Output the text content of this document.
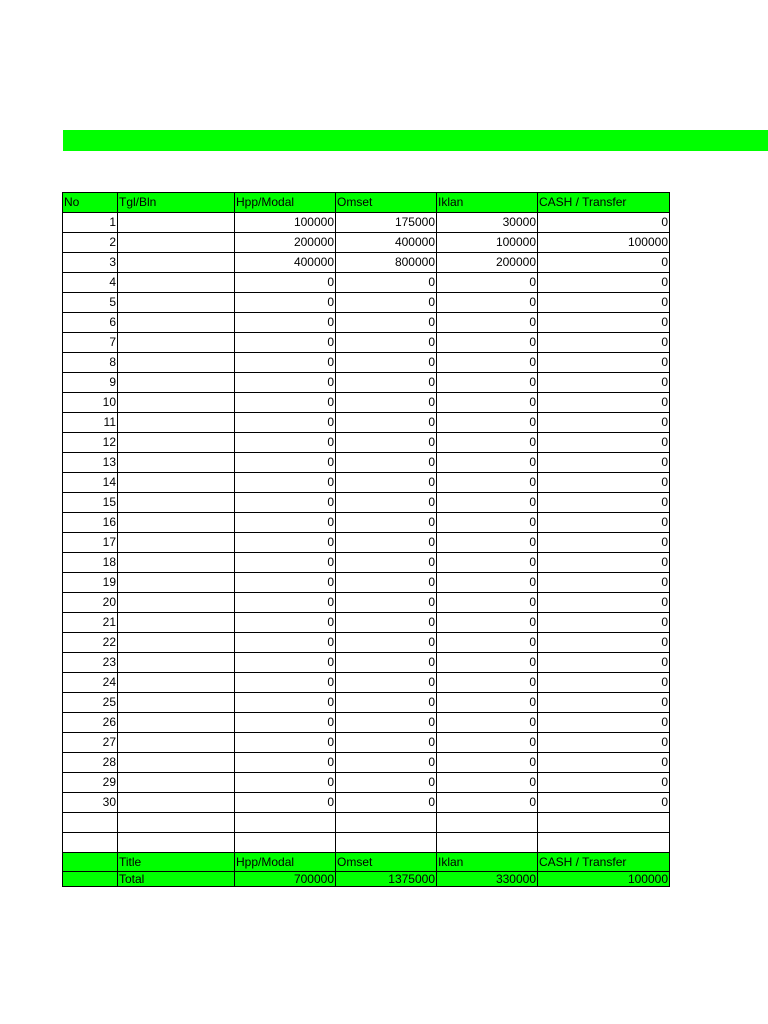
No	Tgl/Bln	Hpp/Modal	Omset	Iklan	CASH / Transfer
1		100000	175000	30000	0
2		200000	400000	100000	100000
3		400000	800000	200000	0
4		0	0	0	0
5		0	0	0	0
6		0	0	0	0
7		0	0	0	0
8		0	0	0	0
9		0	0	0	0
10		0	0	0	0
11		0	0	0	0
12		0	0	0	0
13		0	0	0	0
14		0	0	0	0
15		0	0	0	0
16		0	0	0	0
17		0	0	0	0
18		0	0	0	0
19		0	0	0	0
20		0	0	0	0
21		0	0	0	0
22		0	0	0	0
23		0	0	0	0
24		0	0	0	0
25		0	0	0	0
26		0	0	0	0
27		0	0	0	0
28		0	0	0	0
29		0	0	0	0
30		0	0	0	0

	Title	Hpp/Modal	Omset	Iklan	CASH / Transfer
	Total	700000	1375000	330000	100000
